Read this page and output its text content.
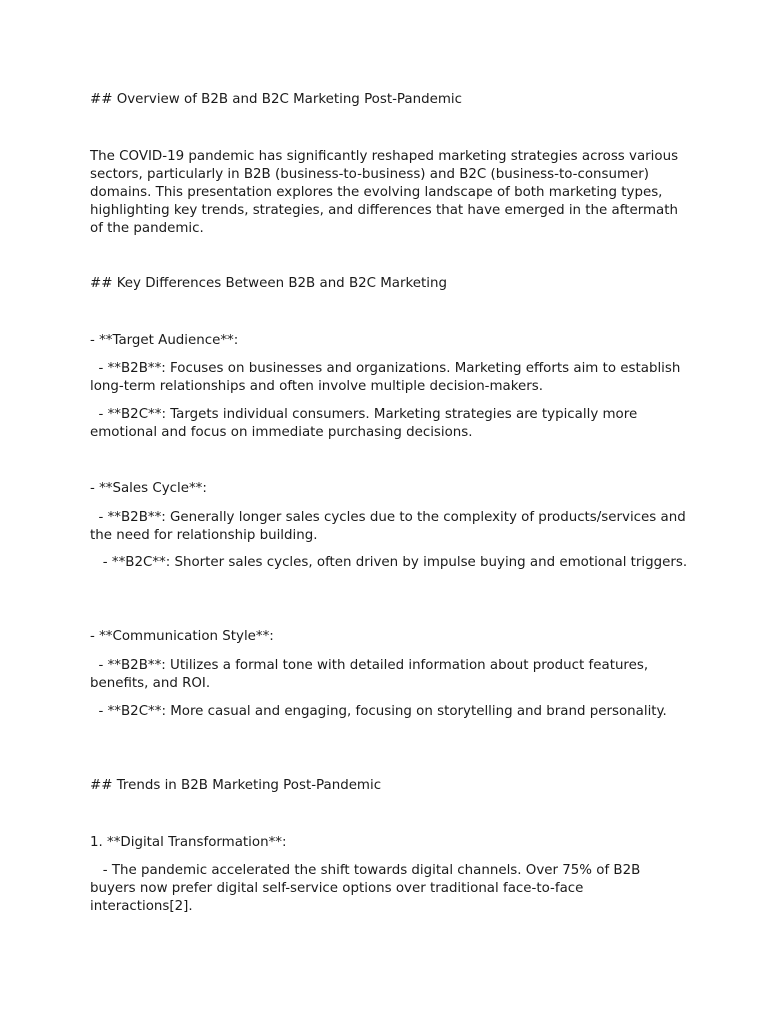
## Overview of B2B and B2C Marketing Post-Pandemic

The COVID-19 pandemic has significantly reshaped marketing strategies across various sectors, particularly in B2B (business-to-business) and B2C (business-to-consumer) domains. This presentation explores the evolving landscape of both marketing types, highlighting key trends, strategies, and differences that have emerged in the aftermath of the pandemic.

## Key Differences Between B2B and B2C Marketing

- **Target Audience**:

- **B2B**: Focuses on businesses and organizations. Marketing efforts aim to establish long-term relationships and often involve multiple decision-makers.

- **B2C**: Targets individual consumers. Marketing strategies are typically more emotional and focus on immediate purchasing decisions.

- **Sales Cycle**:

- **B2B**: Generally longer sales cycles due to the complexity of products/services and the need for relationship building.

- **B2C**: Shorter sales cycles, often driven by impulse buying and emotional triggers.

- **Communication Style**:

- **B2B**: Utilizes a formal tone with detailed information about product features, benefits, and ROI.

- **B2C**: More casual and engaging, focusing on storytelling and brand personality.

## Trends in B2B Marketing Post-Pandemic

1. **Digital Transformation**:

- The pandemic accelerated the shift towards digital channels. Over 75% of B2B buyers now prefer digital self-service options over traditional face-to-face interactions[2].
